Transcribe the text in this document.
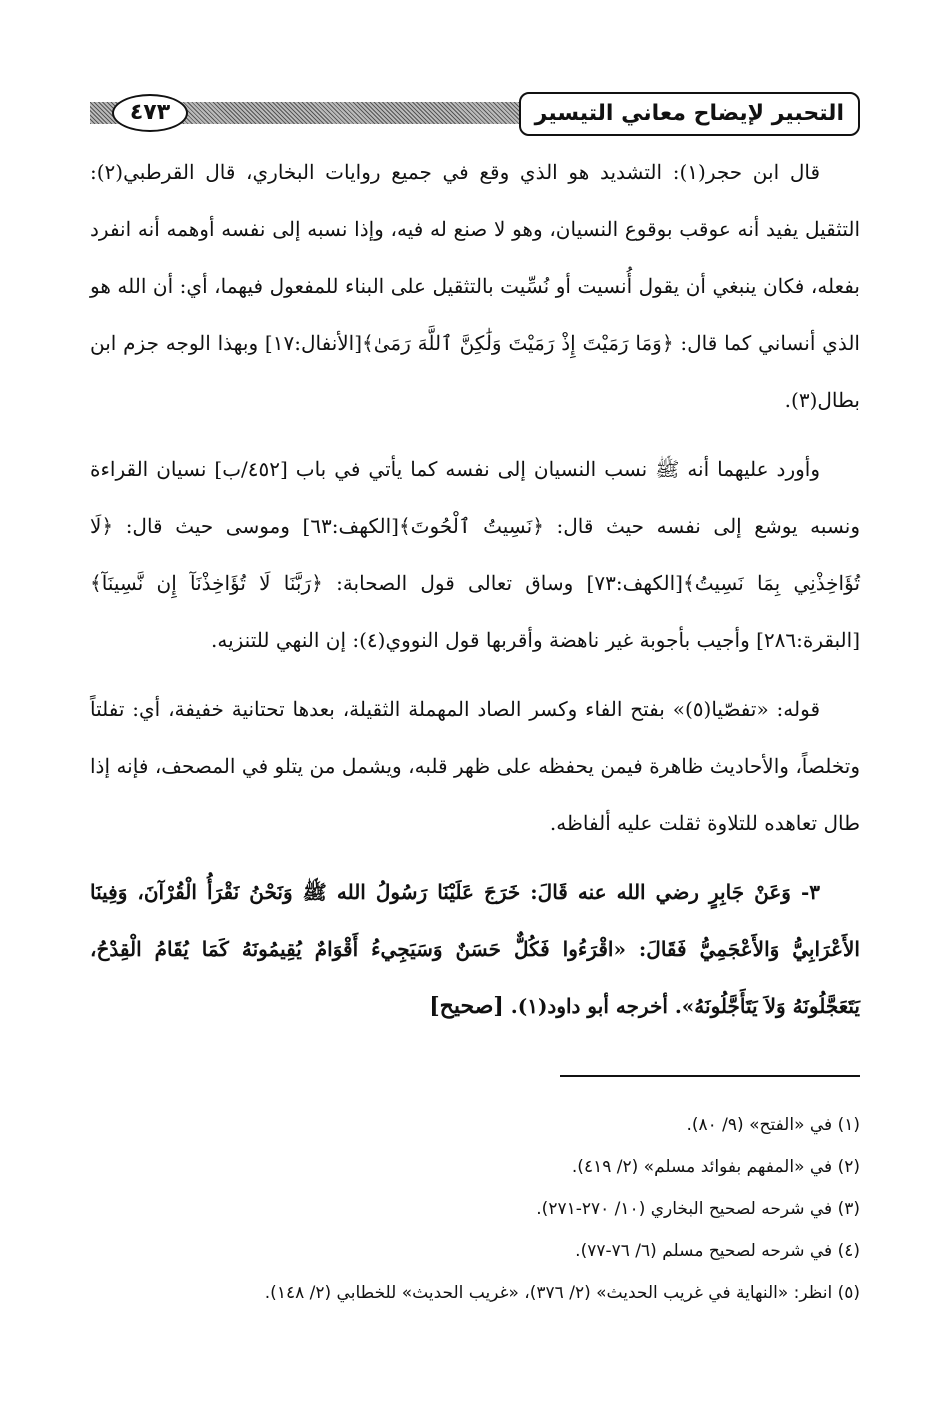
التحبير لإيضاح معاني التيسير
٤٧٣

قال ابن حجر(١): التشديد هو الذي وقع في جميع روايات البخاري، قال القرطبي(٢): التثقيل يفيد أنه عوقب بوقوع النسيان، وهو لا صنع له فيه، وإذا نسبه إلى نفسه أوهمه أنه انفرد بفعله، فكان ينبغي أن يقول أُنسيت أو نُسِّيت بالتثقيل على البناء للمفعول فيهما، أي: أن الله هو الذي أنساني كما قال: ﴿وَمَا رَمَيْتَ إِذْ رَمَيْتَ وَلَٰكِنَّ ٱللَّهَ رَمَىٰ﴾[الأنفال:١٧] وبهذا الوجه جزم ابن بطال(٣).

وأورد عليهما أنه ﷺ نسب النسيان إلى نفسه كما يأتي في باب [٤٥٢/ب] نسيان القراءة ونسبه يوشع إلى نفسه حيث قال: ﴿نَسِيتُ ٱلْحُوتَ﴾[الكهف:٦٣] وموسى حيث قال: ﴿لَا تُؤَاخِذْنِي بِمَا نَسِيتُ﴾[الكهف:٧٣] وساق تعالى قول الصحابة: ﴿رَبَّنَا لَا تُؤَاخِذْنَآ إِن نَّسِينَآ﴾[البقرة:٢٨٦] وأجيب بأجوبة غير ناهضة وأقربها قول النووي(٤): إن النهي للتنزيه.

قوله: «تفصّيا(٥)» بفتح الفاء وكسر الصاد المهملة الثقيلة، بعدها تحتانية خفيفة، أي: تفلتاً وتخلصاً، والأحاديث ظاهرة فيمن يحفظه على ظهر قلبه، ويشمل من يتلو في المصحف، فإنه إذا طال تعاهده للتلاوة ثقلت عليه ألفاظه.

٣- وَعَنْ جَابِرٍ رضي الله عنه قَالَ: خَرَجَ عَلَيْنَا رَسُولُ الله ﷺ وَنَحْنُ نَقْرَأُ الْقُرْآنَ، وَفِينَا الأَعْرَابِيُّ وَالأَعْجَمِيُّ فَقَالَ: «اقْرَءُوا فَكُلٌّ حَسَنٌ وَسَيَجِيءُ أَقْوَامٌ يُقِيمُونَهُ كَمَا يُقَامُ الْقِدْحُ، يَتَعَجَّلُونَهُ وَلاَ يَتَأَجَّلُونَهُ». أخرجه أبو داود(١). [صحيح]

(١) في «الفتح» (٩/ ٨٠).
(٢) في «المفهم بفوائد مسلم» (٢/ ٤١٩).
(٣) في شرحه لصحيح البخاري (١٠/ ٢٧٠-٢٧١).
(٤) في شرحه لصحيح مسلم (٦/ ٧٦-٧٧).
(٥) انظر: «النهاية في غريب الحديث» (٢/ ٣٧٦)، «غريب الحديث» للخطابي (٢/ ١٤٨).
